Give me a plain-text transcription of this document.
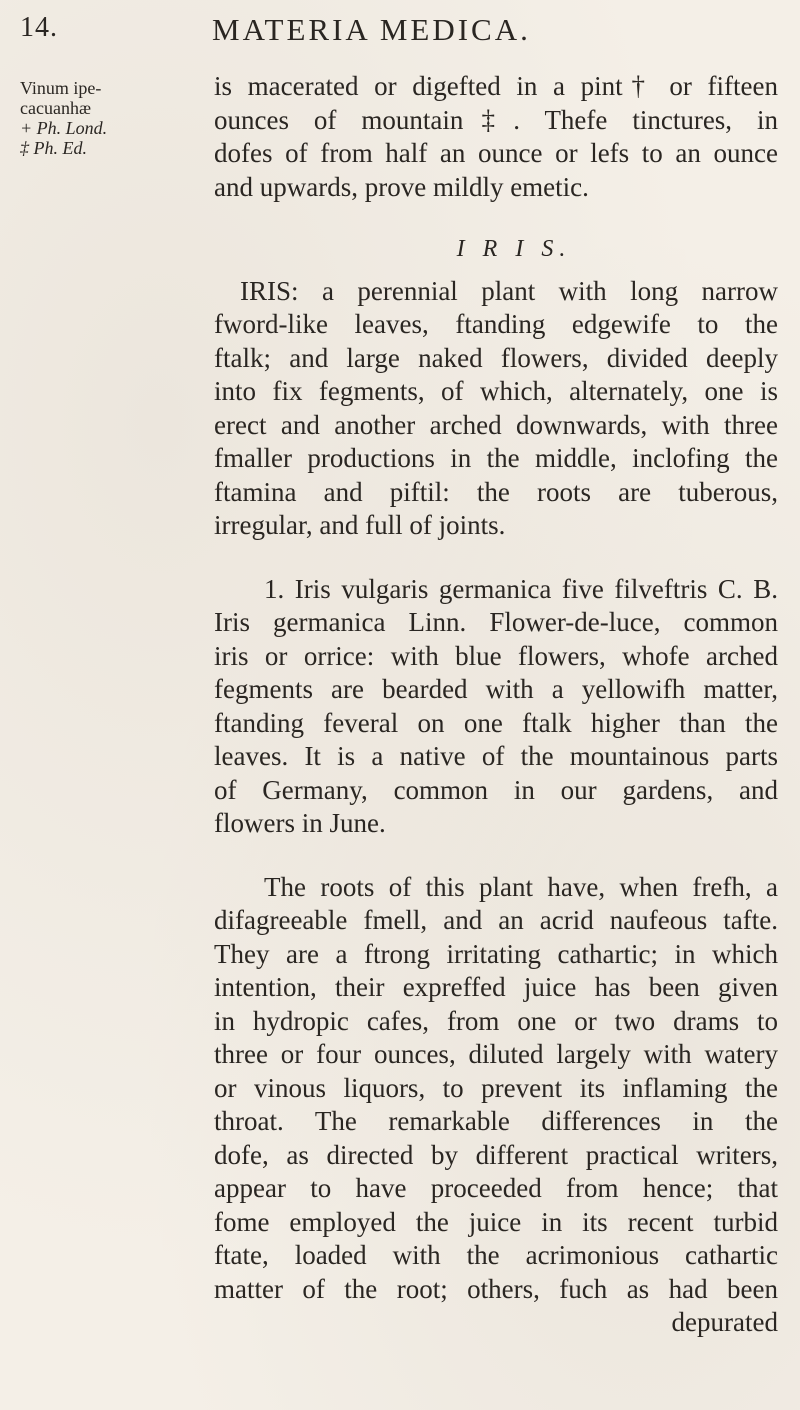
14.	MATERIA MEDICA.
Vinum ipe-
cacuanhæ
+ Ph. Lond.
‡ Ph. Ed.
is macerated or digefted in a pint† or fifteen
ounces of mountain‡. Thefe tinctures, in
dofes of from half an ounce or lefs to an ounce
and upwards, prove mildly emetic.
I R I S.
IRIS: a perennial plant with long narrow
fword-like leaves, ftanding edgewife to the
ftalk; and large naked flowers, divided deeply
into fix fegments, of which, alternately, one is
erect and another arched downwards, with three
fmaller productions in the middle, inclofing the
ftamina and piftil: the roots are tuberous,
irregular, and full of joints.
1. Iris vulgaris germanica five filveftris C. B.
Iris germanica Linn. Flower-de-luce, common
iris or orrice: with blue flowers, whofe arched
fegments are bearded with a yellowifh matter,
ftanding feveral on one ftalk higher than the
leaves. It is a native of the mountainous parts
of Germany, common in our gardens, and
flowers in June.
The roots of this plant have, when frefh, a
difagreeable fmell, and an acrid naufeous tafte.
They are a ftrong irritating cathartic; in which
intention, their expreffed juice has been given
in hydropic cafes, from one or two drams to
three or four ounces, diluted largely with watery
or vinous liquors, to prevent its inflaming the
throat. The remarkable differences in the
dofe, as directed by different practical writers,
appear to have proceeded from hence; that
fome employed the juice in its recent turbid
ftate, loaded with the acrimonious cathartic
matter of the root; others, fuch as had been
depurated
